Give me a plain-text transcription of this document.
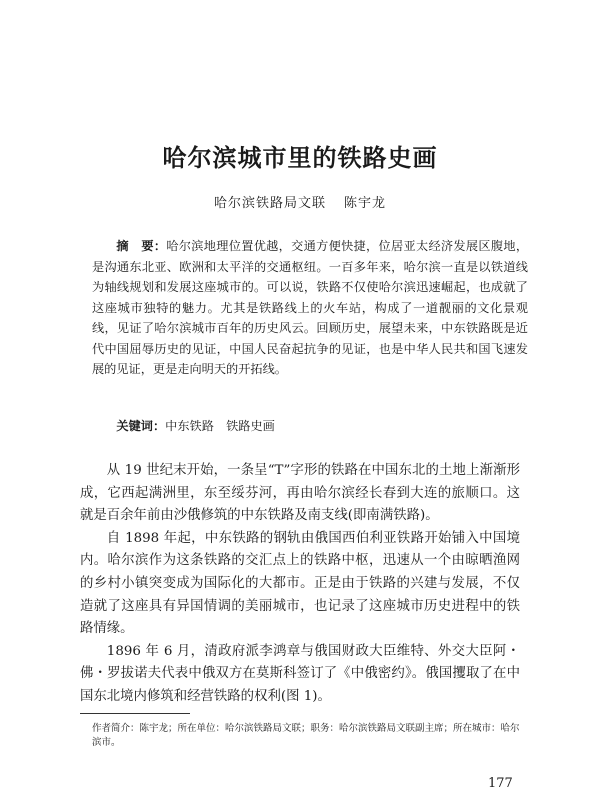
哈尔滨城市里的铁路史画
哈尔滨铁路局文联 陈宇龙

摘　要：哈尔滨地理位置优越，交通方便快捷，位居亚太经济发展区腹地，是沟通东北亚、欧洲和太平洋的交通枢纽。一百多年来，哈尔滨一直是以铁道线为轴线规划和发展这座城市的。可以说，铁路不仅使哈尔滨迅速崛起，也成就了这座城市独特的魅力。尤其是铁路线上的火车站，构成了一道靓丽的文化景观线，见证了哈尔滨城市百年的历史风云。回顾历史，展望未来，中东铁路既是近代中国屈辱历史的见证，中国人民奋起抗争的见证，也是中华人民共和国飞速发展的见证，更是走向明天的开拓线。

关键词：中东铁路　铁路史画

从 19 世纪末开始，一条呈“T”字形的铁路在中国东北的土地上渐渐形成，它西起满洲里，东至绥芬河，再由哈尔滨经长春到大连的旅顺口。这就是百余年前由沙俄修筑的中东铁路及南支线(即南满铁路)。

自 1898 年起，中东铁路的钢轨由俄国西伯利亚铁路开始铺入中国境内。哈尔滨作为这条铁路的交汇点上的铁路中枢，迅速从一个由晾晒渔网的乡村小镇突变成为国际化的大都市。正是由于铁路的兴建与发展，不仅造就了这座具有异国情调的美丽城市，也记录了这座城市历史进程中的铁路情缘。

1896 年 6 月，清政府派李鸿章与俄国财政大臣维特、外交大臣阿・佛・罗拔诺夫代表中俄双方在莫斯科签订了《中俄密约》。俄国攫取了在中国东北境内修筑和经营铁路的权利(图 1)。

作者简介：陈宇龙；所在单位：哈尔滨铁路局文联；职务：哈尔滨铁路局文联副主席；所在城市：哈尔滨市。

177
